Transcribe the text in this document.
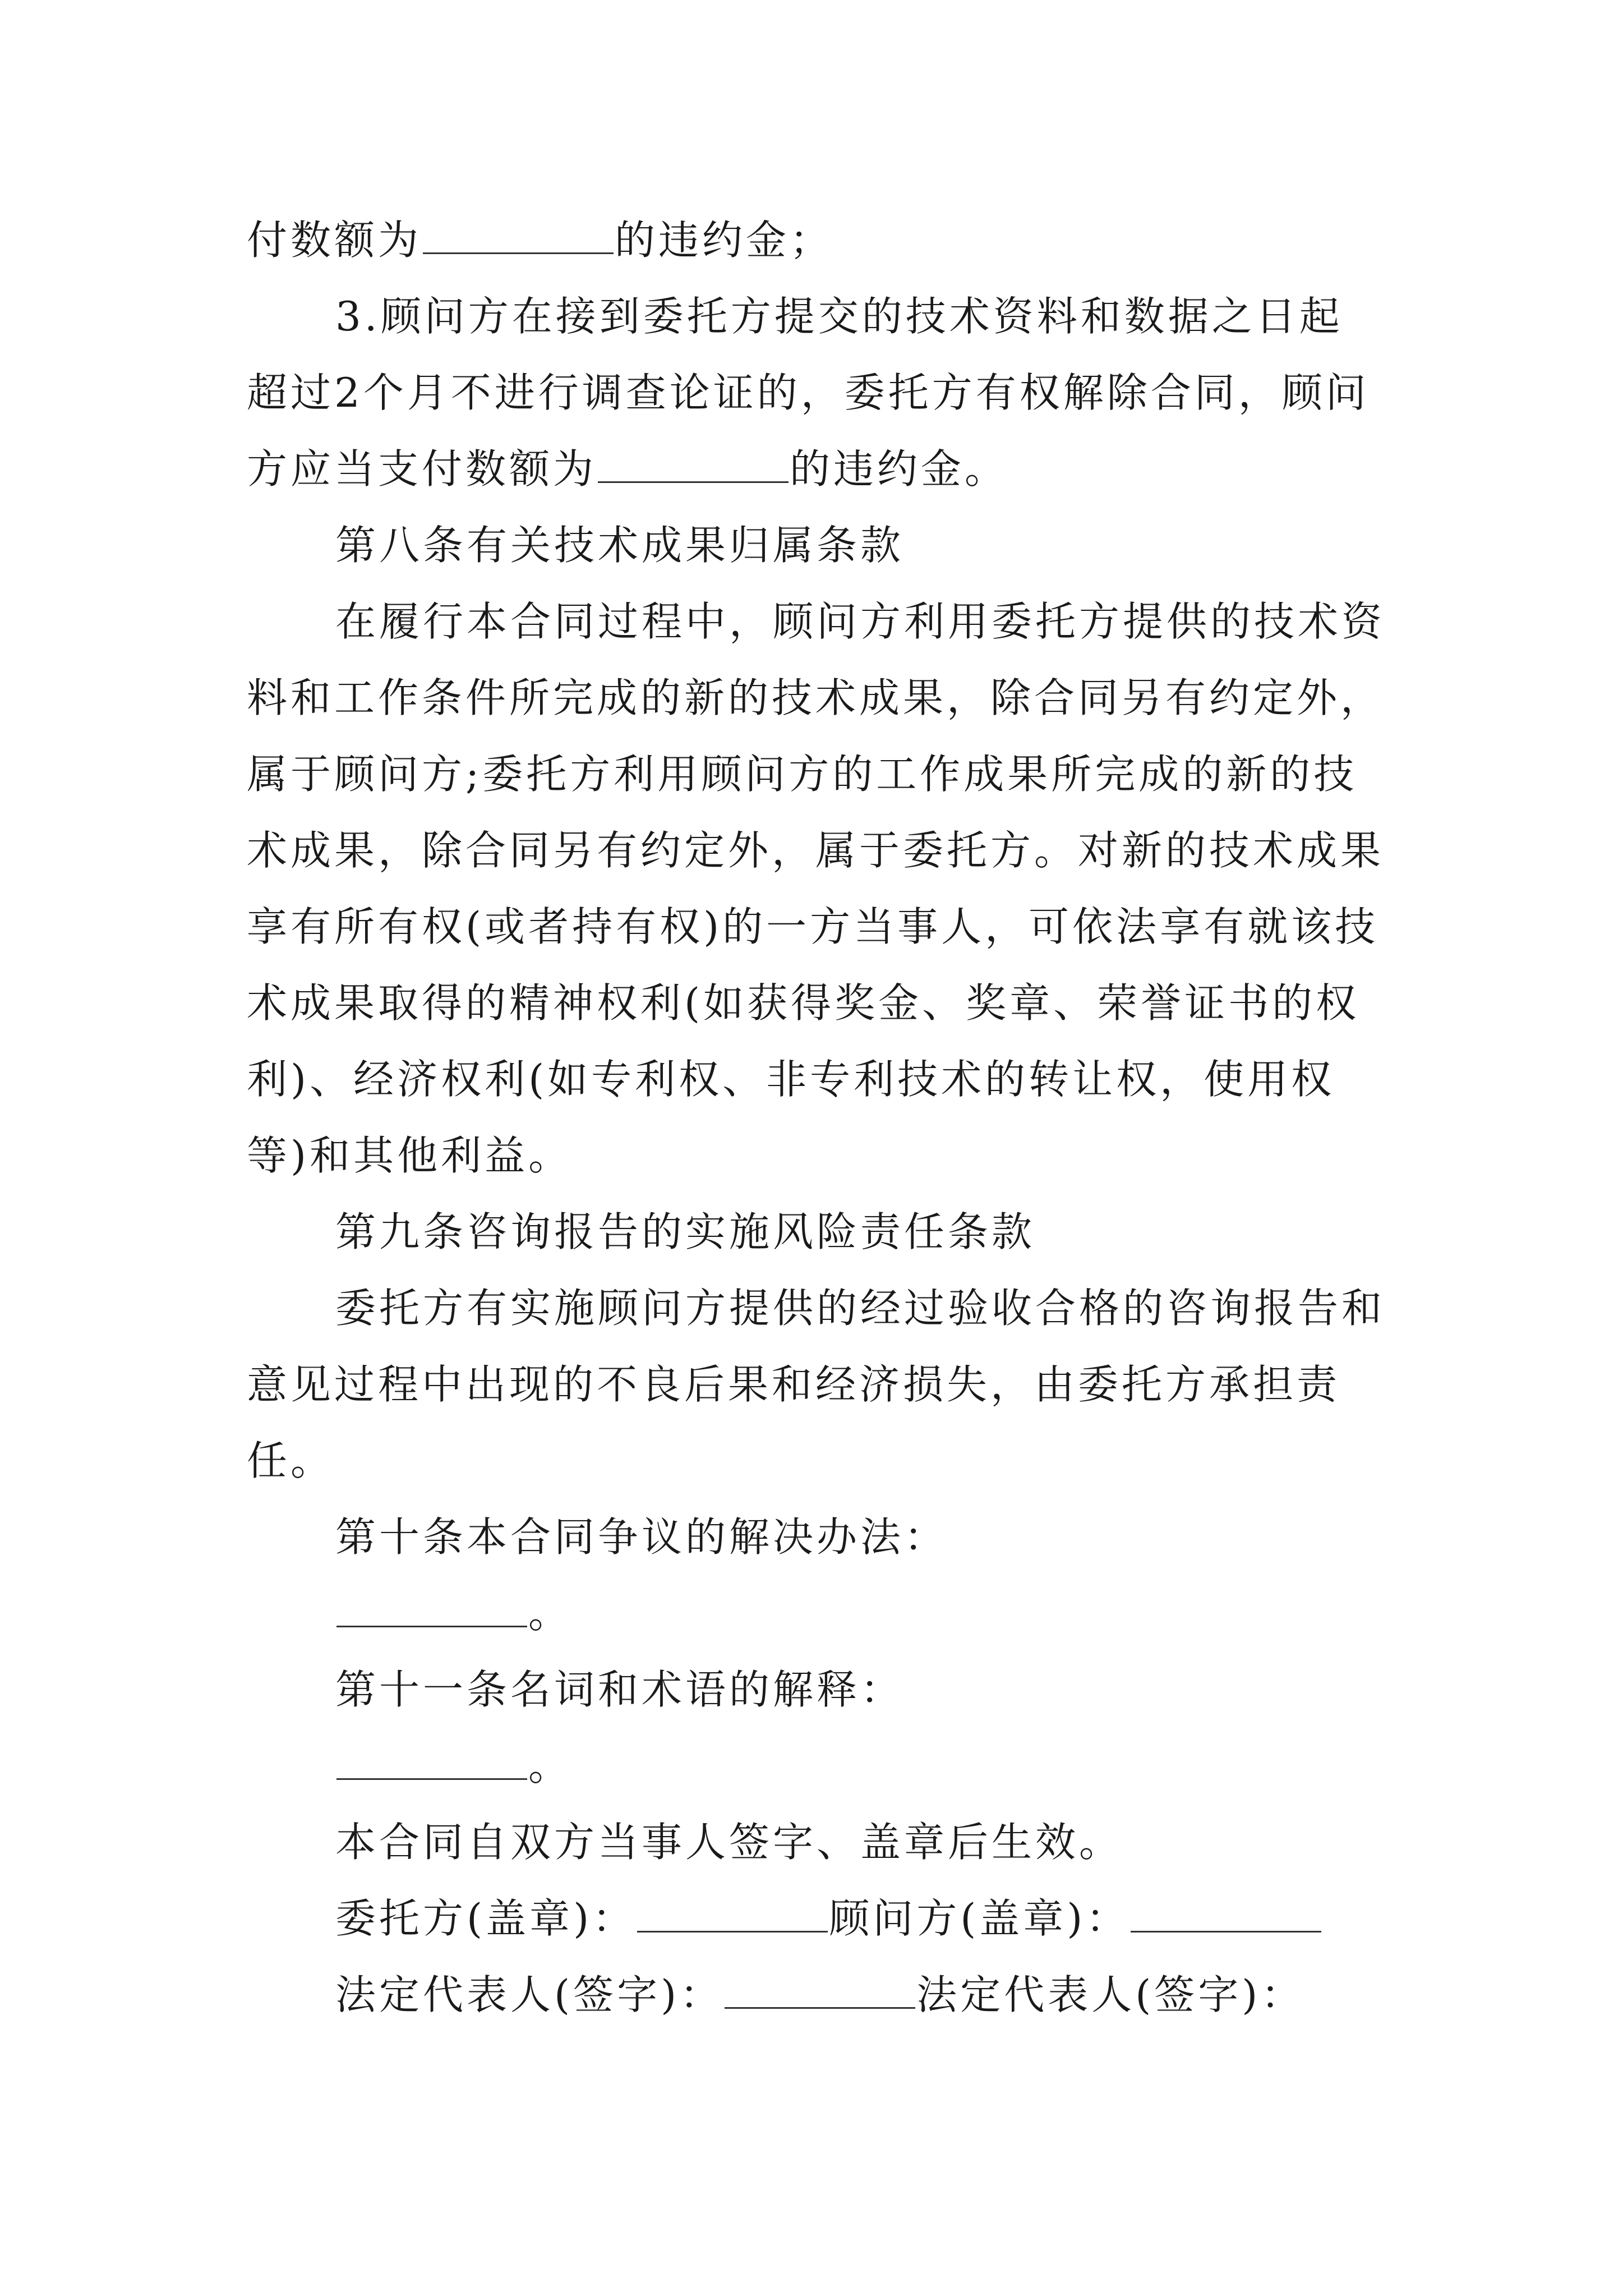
付数额为	的违约金；

3.顾问方在接到委托方提交的技术资料和数据之日起超过2个月不进行调查论证的，委托方有权解除合同，顾问方应当支付数额为	的违约金。

第八条有关技术成果归属条款

在履行本合同过程中，顾问方利用委托方提供的技术资料和工作条件所完成的新的技术成果，除合同另有约定外，属于顾问方;委托方利用顾问方的工作成果所完成的新的技术成果，除合同另有约定外，属于委托方。对新的技术成果享有所有权(或者持有权)的一方当事人，可依法享有就该技术成果取得的精神权利(如获得奖金、奖章、荣誉证书的权利)、经济权利(如专利权、非专利技术的转让权，使用权等)和其他利益。

第九条咨询报告的实施风险责任条款

委托方有实施顾问方提供的经过验收合格的咨询报告和意见过程中出现的不良后果和经济损失，由委托方承担责任。

第十条本合同争议的解决办法：

。

第十一条名词和术语的解释：

。

本合同自双方当事人签字、盖章后生效。

委托方(盖章)：	顾问方(盖章)：

法定代表人(签字)：	法定代表人(签字)：
